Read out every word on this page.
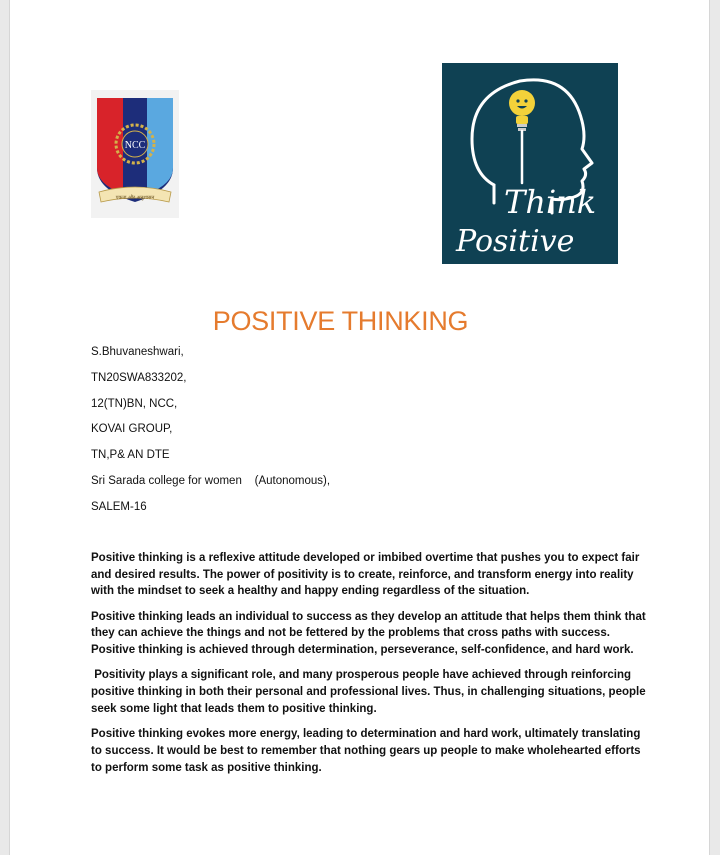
NCC
एकता और अनुशासन	Think
Positive
POSITIVE THINKING
S.Bhuvaneshwari,
TN20SWA833202,
12(TN)BN, NCC,
KOVAI GROUP,
TN,P& AN DTE
Sri Sarada college for women    (Autonomous),
SALEM-16

Positive thinking is a reflexive attitude developed or imbibed overtime that pushes you to expect fair and desired results. The power of positivity is to create, reinforce, and transform energy into reality with the mindset to seek a healthy and happy ending regardless of the situation.

Positive thinking leads an individual to success as they develop an attitude that helps them think that they can achieve the things and not be fettered by the problems that cross paths with success. Positive thinking is achieved through determination, perseverance, self-confidence, and hard work.

Positivity plays a significant role, and many prosperous people have achieved through reinforcing positive thinking in both their personal and professional lives. Thus, in challenging situations, people seek some light that leads them to positive thinking.

Positive thinking evokes more energy, leading to determination and hard work, ultimately translating to success. It would be best to remember that nothing gears up people to make wholehearted efforts to perform some task as positive thinking.
